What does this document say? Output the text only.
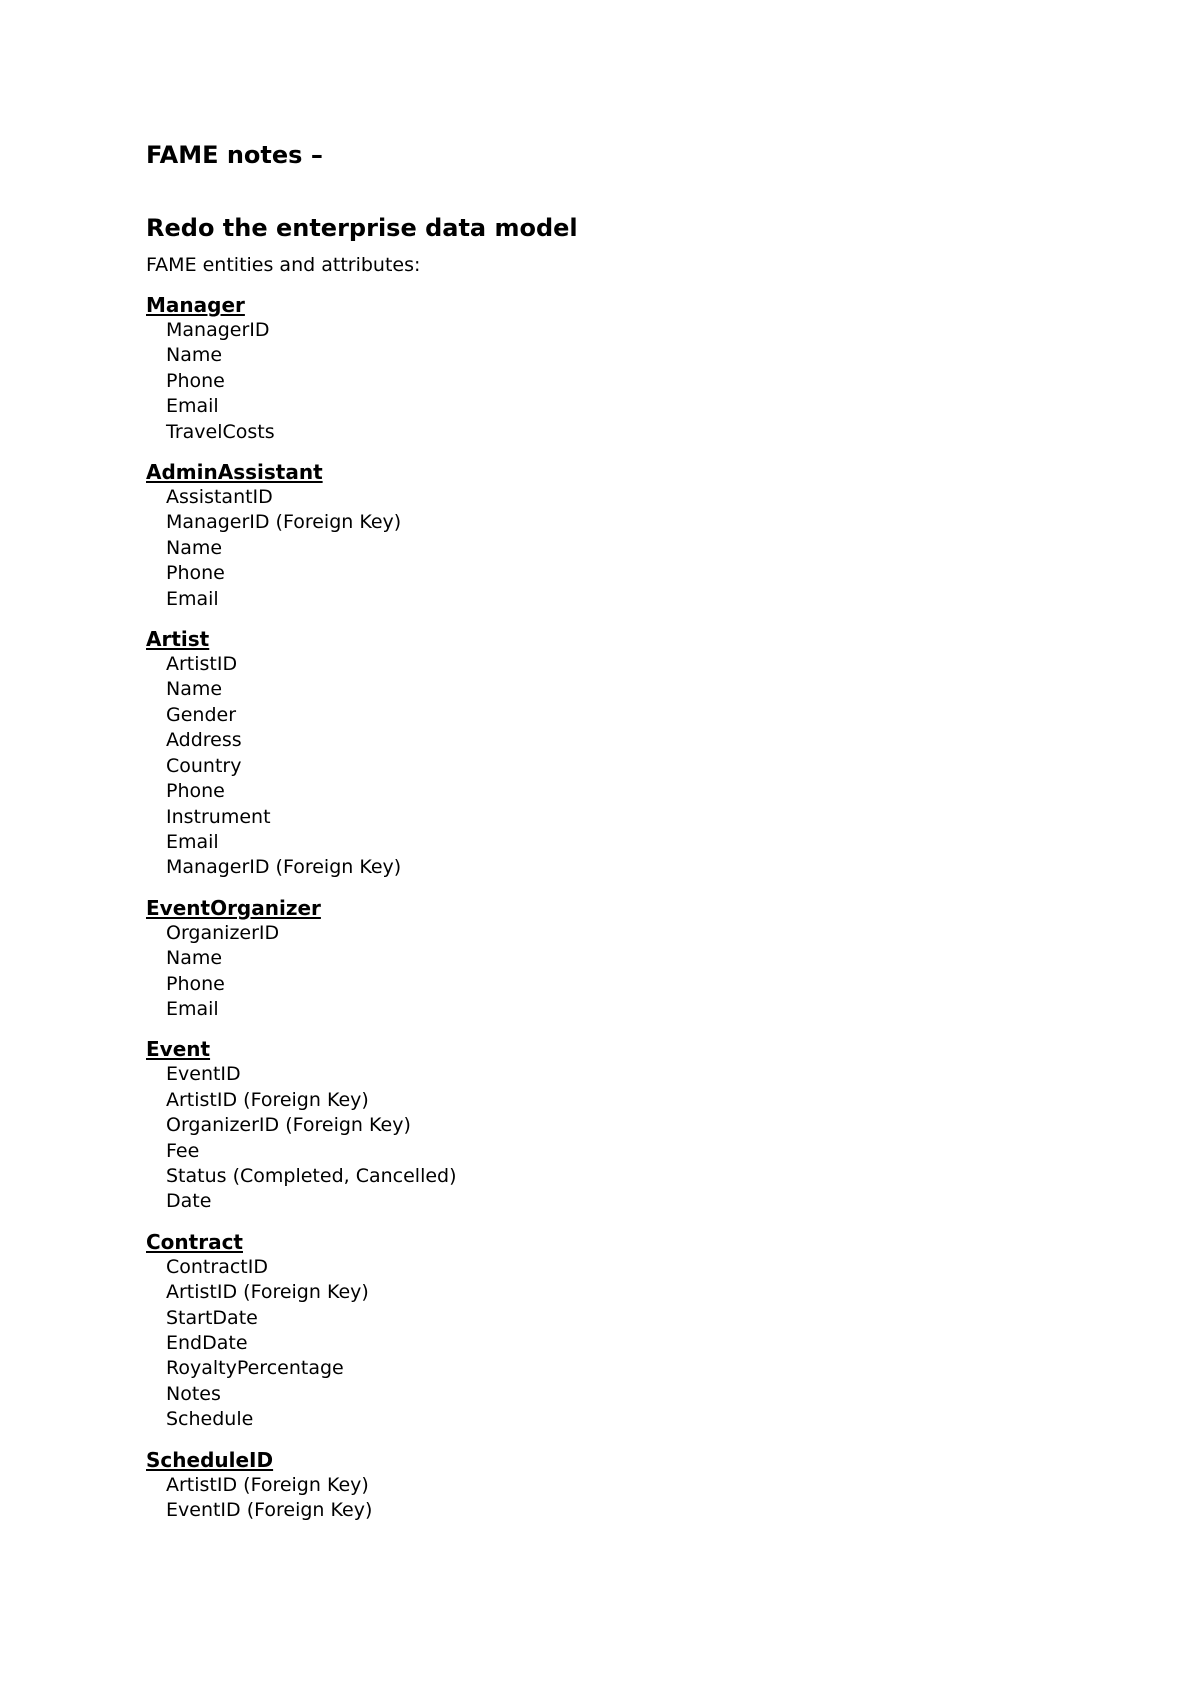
FAME notes –
Redo the enterprise data model

FAME entities and attributes:

Manager
ManagerID
Name
Phone
Email
TravelCosts
AdminAssistant
AssistantID
ManagerID (Foreign Key)
Name
Phone
Email
Artist
ArtistID
Name
Gender
Address
Country
Phone
Instrument
Email
ManagerID (Foreign Key)
EventOrganizer
OrganizerID
Name
Phone
Email
Event
EventID
ArtistID (Foreign Key)
OrganizerID (Foreign Key)
Fee
Status (Completed, Cancelled)
Date
Contract
ContractID
ArtistID (Foreign Key)
StartDate
EndDate
RoyaltyPercentage
Notes
Schedule
ScheduleID
ArtistID (Foreign Key)
EventID (Foreign Key)
